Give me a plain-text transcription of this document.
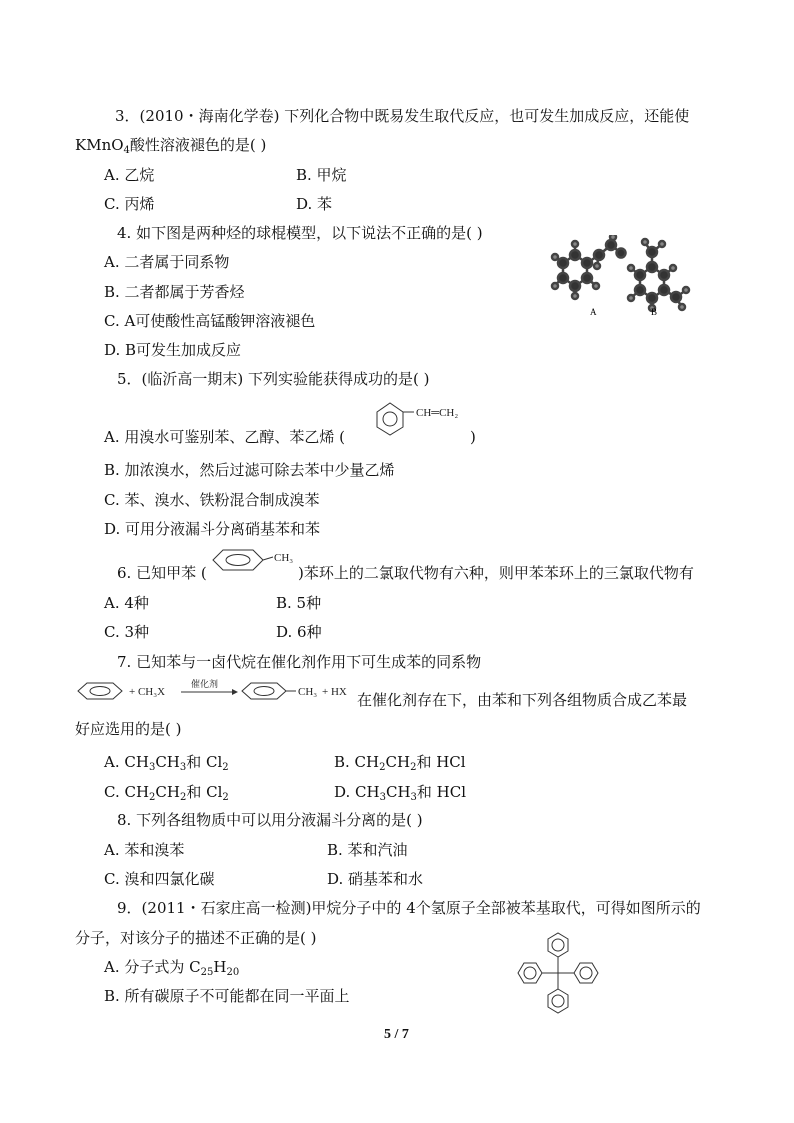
3．(2010・海南化学卷) 下列化合物中既易发生取代反应，也可发生加成反应，还能使
KMnO$_4$酸性溶液褪色的是( )
A. 乙烷	B. 甲烷
C. 丙烯	D. 苯
4. 如下图是两种烃的球棍模型，以下说法不正确的是( )
A. 二者属于同系物
B. 二者都属于芳香烃
C. A可使酸性高锰酸钾溶液褪色
D. B可发生加成反应
A	B
5．(临沂高一期末) 下列实验能获得成功的是( )
A. 用溴水可鉴别苯、乙醇、苯乙烯 (
CH═CH₂
)
B. 加浓溴水，然后过滤可除去苯中少量乙烯
C. 苯、溴水、铁粉混合制成溴苯
D. 可用分液漏斗分离硝基苯和苯
6. 已知甲苯 (
CH₃
)苯环上的二氯取代物有六种，则甲苯苯环上的三氯取代物有
A. 4种	B. 5种
C. 3种	D. 6种
7. 已知苯与一卤代烷在催化剂作用下可生成苯的同系物
+ CH₃X
催化剂
CH₃ + HX 在催化剂存在下，由苯和下列各组物质合成乙苯最
好应选用的是( )
A. $CH_3CH_3$和 $Cl_2$	B. $CH_2CH_2$和 HCl
C. $CH_2CH_2$和 $Cl_2$	D. $CH_3CH_3$和 HCl
8. 下列各组物质中可以用分液漏斗分离的是( )
A. 苯和溴苯	B. 苯和汽油
C. 溴和四氯化碳	D. 硝基苯和水
9．(2011・石家庄高一检测)甲烷分子中的 4个氢原子全部被苯基取代，可得如图所示的
分子，对该分子的描述不正确的是( )
A. 分子式为 $C_{25}H_{20}$
B. 所有碳原子不可能都在同一平面上
5 / 7
